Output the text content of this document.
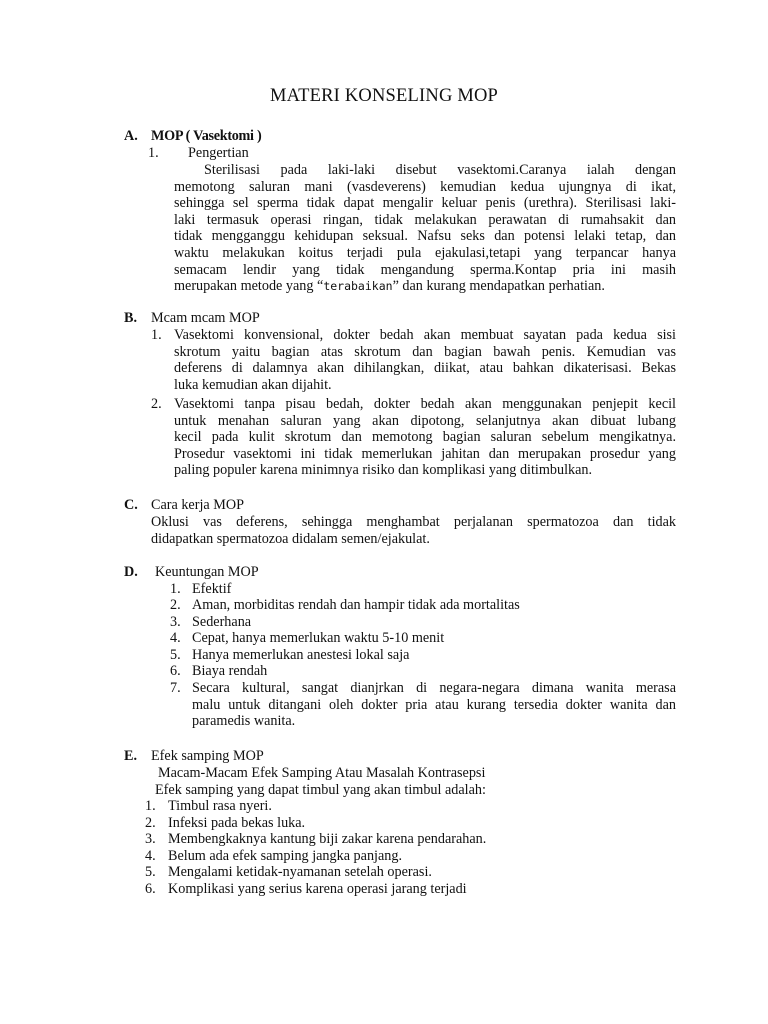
MATERI KONSELING MOP
A. MOP ( Vasektomi )
1. Pengertian
Sterilisasi pada laki-laki disebut vasektomi.Caranya ialah dengan
memotong saluran mani (vasdeverens) kemudian kedua ujungnya di ikat,
sehingga sel sperma tidak dapat mengalir keluar penis (urethra). Sterilisasi laki-
laki termasuk operasi ringan, tidak melakukan perawatan di rumahsakit dan
tidak mengganggu kehidupan seksual. Nafsu seks dan potensi lelaki tetap, dan
waktu melakukan koitus terjadi pula ejakulasi,tetapi yang terpancar hanya
semacam lendir yang tidak mengandung sperma.Kontap pria ini masih
merupakan metode yang “terabaikan” dan kurang mendapatkan perhatian.
B. Mcam mcam MOP
1. Vasektomi konvensional, dokter bedah akan membuat sayatan pada kedua sisi
skrotum yaitu bagian atas skrotum dan bagian bawah penis. Kemudian vas
deferens di dalamnya akan dihilangkan, diikat, atau bahkan dikaterisasi. Bekas
luka kemudian akan dijahit.
2. Vasektomi tanpa pisau bedah, dokter bedah akan menggunakan penjepit kecil
untuk menahan saluran yang akan dipotong, selanjutnya akan dibuat lubang
kecil pada kulit skrotum dan memotong bagian saluran sebelum mengikatnya.
Prosedur vasektomi ini tidak memerlukan jahitan dan merupakan prosedur yang
paling populer karena minimnya risiko dan komplikasi yang ditimbulkan.
C. Cara kerja MOP
Oklusi vas deferens, sehingga menghambat perjalanan spermatozoa dan tidak
didapatkan spermatozoa didalam semen/ejakulat.
D. Keuntungan MOP
1. Efektif
2. Aman, morbiditas rendah dan hampir tidak ada mortalitas
3. Sederhana
4. Cepat, hanya memerlukan waktu 5-10 menit
5. Hanya memerlukan anestesi lokal saja
6. Biaya rendah
7. Secara kultural, sangat dianjrkan di negara-negara dimana wanita merasa
malu untuk ditangani oleh dokter pria atau kurang tersedia dokter wanita dan
paramedis wanita.
E. Efek samping MOP
Macam-Macam Efek Samping Atau Masalah Kontrasepsi
Efek samping yang dapat timbul yang akan timbul adalah:
1. Timbul rasa nyeri.
2. Infeksi pada bekas luka.
3. Membengkaknya kantung biji zakar karena pendarahan.
4. Belum ada efek samping jangka panjang.
5. Mengalami ketidak-nyamanan setelah operasi.
6. Komplikasi yang serius karena operasi jarang terjadi
